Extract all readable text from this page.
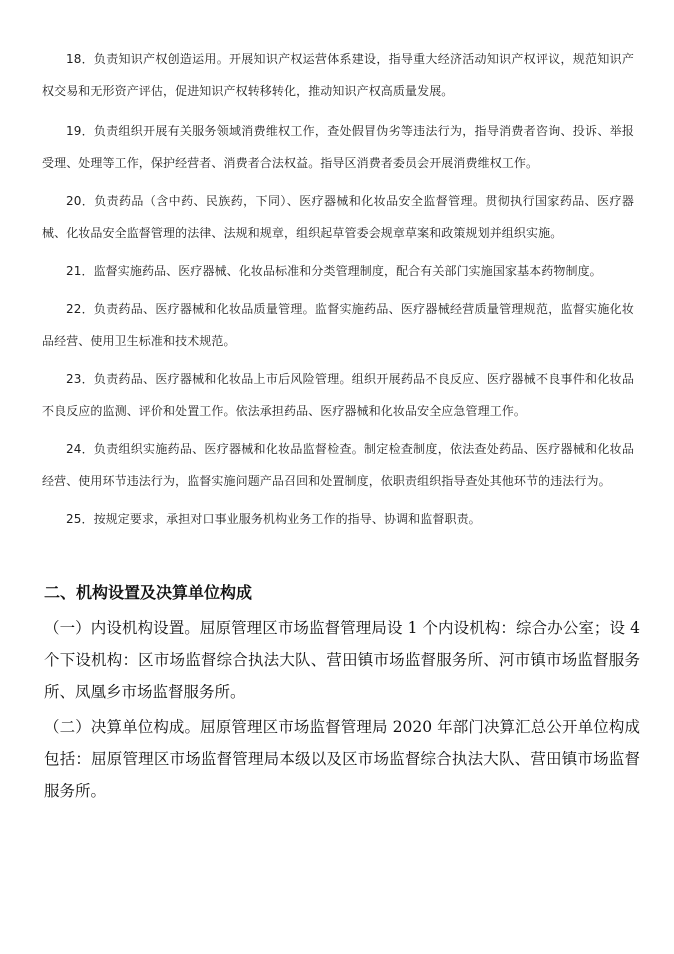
18．负责知识产权创造运用。开展知识产权运营体系建设，指导重大经济活动知识产权评议，规范知识产权交易和无形资产评估，促进知识产权转移转化，推动知识产权高质量发展。

19．负责组织开展有关服务领域消费维权工作，查处假冒伪劣等违法行为，指导消费者咨询、投诉、举报受理、处理等工作，保护经营者、消费者合法权益。指导区消费者委员会开展消费维权工作。

20．负责药品（含中药、民族药，下同）、医疗器械和化妆品安全监督管理。贯彻执行国家药品、医疗器械、化妆品安全监督管理的法律、法规和规章，组织起草管委会规章草案和政策规划并组织实施。

21．监督实施药品、医疗器械、化妆品标准和分类管理制度，配合有关部门实施国家基本药物制度。

22．负责药品、医疗器械和化妆品质量管理。监督实施药品、医疗器械经营质量管理规范，监督实施化妆品经营、使用卫生标准和技术规范。

23．负责药品、医疗器械和化妆品上市后风险管理。组织开展药品不良反应、医疗器械不良事件和化妆品不良反应的监测、评价和处置工作。依法承担药品、医疗器械和化妆品安全应急管理工作。

24．负责组织实施药品、医疗器械和化妆品监督检查。制定检查制度，依法查处药品、医疗器械和化妆品经营、使用环节违法行为，监督实施问题产品召回和处置制度，依职责组织指导查处其他环节的违法行为。

25．按规定要求，承担对口事业服务机构业务工作的指导、协调和监督职责。

二、机构设置及决算单位构成

（一）内设机构设置。屈原管理区市场监督管理局设 1 个内设机构：综合办公室；设 4 个下设机构：区市场监督综合执法大队、营田镇市场监督服务所、河市镇市场监督服务所、凤凰乡市场监督服务所。

（二）决算单位构成。屈原管理区市场监督管理局 2020 年部门决算汇总公开单位构成包括：屈原管理区市场监督管理局本级以及区市场监督综合执法大队、营田镇市场监督服务所。
